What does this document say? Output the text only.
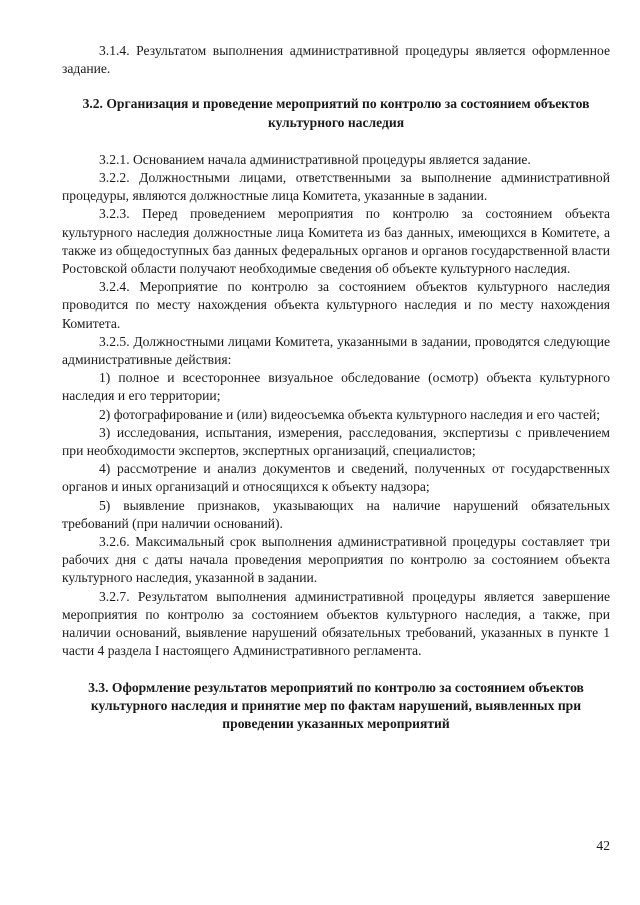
3.1.4. Результатом выполнения административной процедуры является оформленное задание.

3.2. Организация и проведение мероприятий по контролю за состоянием объектов культурного наследия

3.2.1. Основанием начала административной процедуры является задание.

3.2.2. Должностными лицами, ответственными за выполнение административной процедуры, являются должностные лица Комитета, указанные в задании.

3.2.3. Перед проведением мероприятия по контролю за состоянием объекта культурного наследия должностные лица Комитета из баз данных, имеющихся в Комитете, а также из общедоступных баз данных федеральных органов и органов государственной власти Ростовской области получают необходимые сведения об объекте культурного наследия.

3.2.4. Мероприятие по контролю за состоянием объектов культурного наследия проводится по месту нахождения объекта культурного наследия и по месту нахождения Комитета.

3.2.5. Должностными лицами Комитета, указанными в задании, проводятся следующие административные действия:

1) полное и всестороннее визуальное обследование (осмотр) объекта культурного наследия и его территории;

2) фотографирование и (или) видеосъемка объекта культурного наследия и его частей;

3) исследования, испытания, измерения, расследования, экспертизы с привлечением при необходимости экспертов, экспертных организаций, специалистов;

4) рассмотрение и анализ документов и сведений, полученных от государственных органов и иных организаций и относящихся к объекту надзора;

5) выявление признаков, указывающих на наличие нарушений обязательных требований (при наличии оснований).

3.2.6. Максимальный срок выполнения административной процедуры составляет три рабочих дня с даты начала проведения мероприятия по контролю за состоянием объекта культурного наследия, указанной в задании.

3.2.7. Результатом выполнения административной процедуры является завершение мероприятия по контролю за состоянием объектов культурного наследия, а также, при наличии оснований, выявление нарушений обязательных требований, указанных в пункте 1 части 4 раздела I настоящего Административного регламента.

3.3. Оформление результатов мероприятий по контролю за состоянием объектов культурного наследия и принятие мер по фактам нарушений, выявленных при проведении указанных мероприятий

42
